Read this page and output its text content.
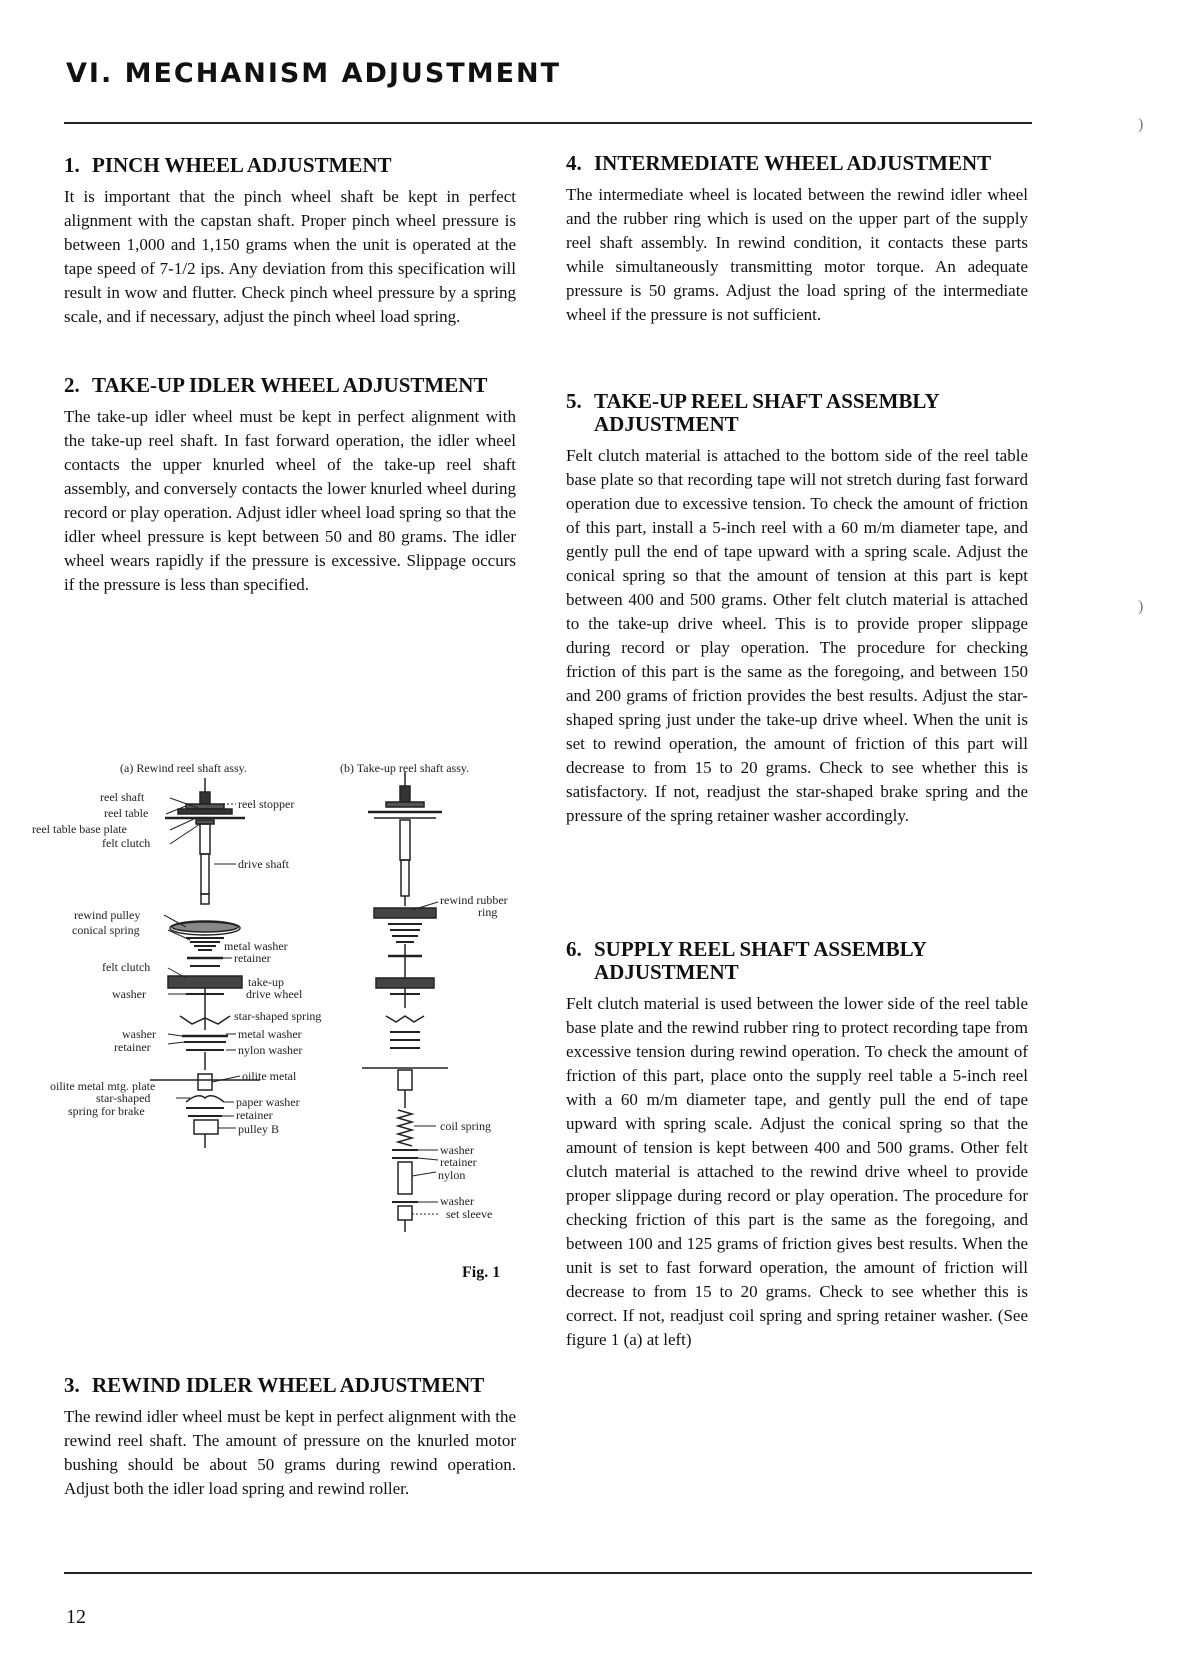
VI. MECHANISM ADJUSTMENT
1. PINCH WHEEL ADJUSTMENT

It is important that the pinch wheel shaft be kept in perfect alignment with the capstan shaft. Proper pinch wheel pressure is between 1,000 and 1,150 grams when the unit is operated at the tape speed of 7-1/2 ips. Any deviation from this specification will result in wow and flutter. Check pinch wheel pressure by a spring scale, and if necessary, adjust the pinch wheel load spring.

2. TAKE-UP IDLER WHEEL ADJUSTMENT

The take-up idler wheel must be kept in perfect alignment with the take-up reel shaft. In fast forward operation, the idler wheel contacts the upper knurled wheel of the take-up reel shaft assembly, and conversely contacts the lower knurled wheel during record or play operation. Adjust idler wheel load spring so that the idler wheel pressure is kept between 50 and 80 grams. The idler wheel wears rapidly if the pressure is excessive. Slippage occurs if the pressure is less than specified.

(a) Rewind reel shaft assy.	(b) Take-up reel shaft assy.
reel shaft
reel table
reel stopper
reel table base plate
felt clutch
drive shaft
rewind pulley
conical spring
metal washer
felt clutch
retainer
washer
take-up
drive wheel
star-shaped spring
washer
retainer
metal washer
nylon washer
oilite metal mtg. plate
oilite metal
star-shaped
spring for brake
paper washer
retainer
pulley B
rewind rubber
ring
coil spring
washer
retainer
nylon
washer
set sleeve
Fig. 1
3. REWIND IDLER WHEEL ADJUSTMENT

The rewind idler wheel must be kept in perfect alignment with the rewind reel shaft. The amount of pressure on the knurled motor bushing should be about 50 grams during rewind operation. Adjust both the idler load spring and rewind roller.

4. INTERMEDIATE WHEEL ADJUSTMENT

The intermediate wheel is located between the rewind idler wheel and the rubber ring which is used on the upper part of the supply reel shaft assembly. In rewind condition, it contacts these parts while simultaneously transmitting motor torque. An adequate pressure is 50 grams. Adjust the load spring of the intermediate wheel if the pressure is not sufficient.

5. TAKE-UP REEL SHAFT ASSEMBLY ADJUSTMENT

Felt clutch material is attached to the bottom side of the reel table base plate so that recording tape will not stretch during fast forward operation due to excessive tension. To check the amount of friction of this part, install a 5-inch reel with a 60 m/m diameter tape, and gently pull the end of tape upward with a spring scale. Adjust the conical spring so that the amount of tension at this part is kept between 400 and 500 grams. Other felt clutch material is attached to the take-up drive wheel. This is to provide proper slippage during record or play operation. The procedure for checking friction of this part is the same as the foregoing, and between 150 and 200 grams of friction provides the best results. Adjust the star-shaped spring just under the take-up drive wheel. When the unit is set to rewind operation, the amount of friction of this part will decrease to from 15 to 20 grams. Check to see whether this is satisfactory. If not, readjust the star-shaped brake spring and the pressure of the spring retainer washer accordingly.

6. SUPPLY REEL SHAFT ASSEMBLY ADJUSTMENT

Felt clutch material is used between the lower side of the reel table base plate and the rewind rubber ring to protect recording tape from excessive tension during rewind operation. To check the amount of friction of this part, place onto the supply reel table a 5-inch reel with a 60 m/m diameter tape, and gently pull the end of tape upward with spring scale. Adjust the conical spring so that the amount of tension is kept between 400 and 500 grams. Other felt clutch material is attached to the rewind drive wheel to provide proper slippage during record or play operation. The procedure for checking friction of this part is the same as the foregoing, and between 100 and 125 grams of friction gives best results. When the unit is set to fast forward operation, the amount of friction will decrease to from 15 to 20 grams. Check to see whether this is correct. If not, readjust coil spring and spring retainer washer. (See figure 1 (a) at left)

12
)
)
